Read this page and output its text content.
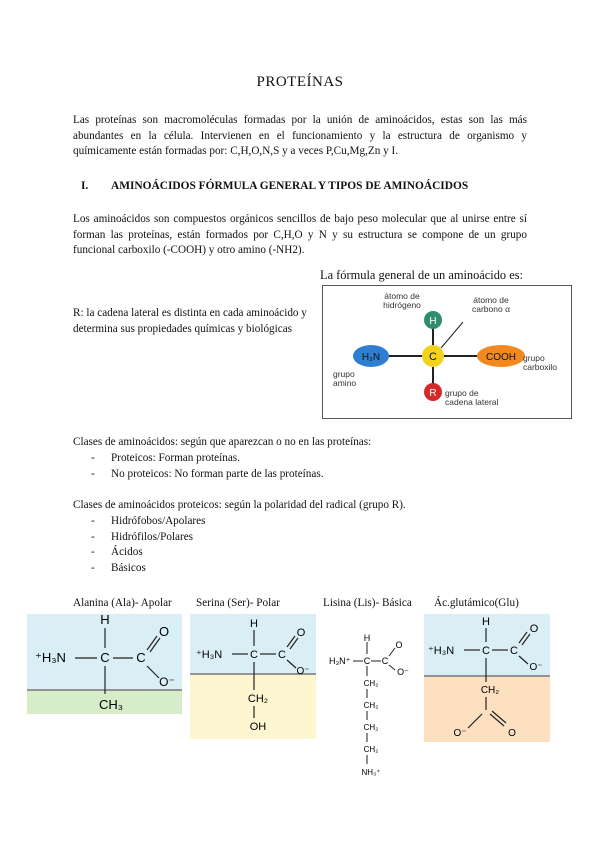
PROTEÍNAS
Las proteínas son macromoléculas formadas por la unión de aminoácidos, estas son las más abundantes en la célula. Intervienen en el funcionamiento y la estructura de organismo y químicamente están formadas por: C,H,O,N,S y a veces P,Cu,Mg,Zn y I.
I. AMINOÁCIDOS FÓRMULA GENERAL Y TIPOS DE AMINOÁCIDOS
Los aminoácidos son compuestos orgánicos sencillos de bajo peso molecular que al unirse entre sí forman las proteínas, están formados por C,H,O y N y su estructura se compone de un grupo funcional carboxilo (-COOH) y otro amino (-NH2).
R: la cadena lateral es distinta en cada aminoácido y determina sus propiedades químicas y biológicas
La fórmula general de un aminoácido es:
H₂N	COOH
C
H
R
átomo de hidrógeno	átomo de carbono α
grupo amino
grupo carboxilo
grupo de cadena lateral
Clases de aminoácidos: según que aparezcan o no en las proteínas:
- Proteicos: Forman proteínas.
- No proteicos: No forman parte de las proteínas.
Clases de aminoácidos proteicos: según la polaridad del radical (grupo R).
- Hidrófobos/Apolares
- Hidrófilos/Polares
- Ácidos
- Básicos
Alanina (Ala)- Apolar Serina (Ser)- Polar	Lisina (Lis)- Básica Ác.glutámico(Glu)
⁺H₃N	C
H
C
O
O⁻
CH₃
⁺H₃N	C
H
C
O
O⁻
CH₂
OH
H₃N⁺ C
H
C
O
O⁻
CH₂
CH₂
CH₂
CH₂
NH₃⁺
⁺H₃N	C
H
C
O
O⁻
CH₂
O⁻	O
